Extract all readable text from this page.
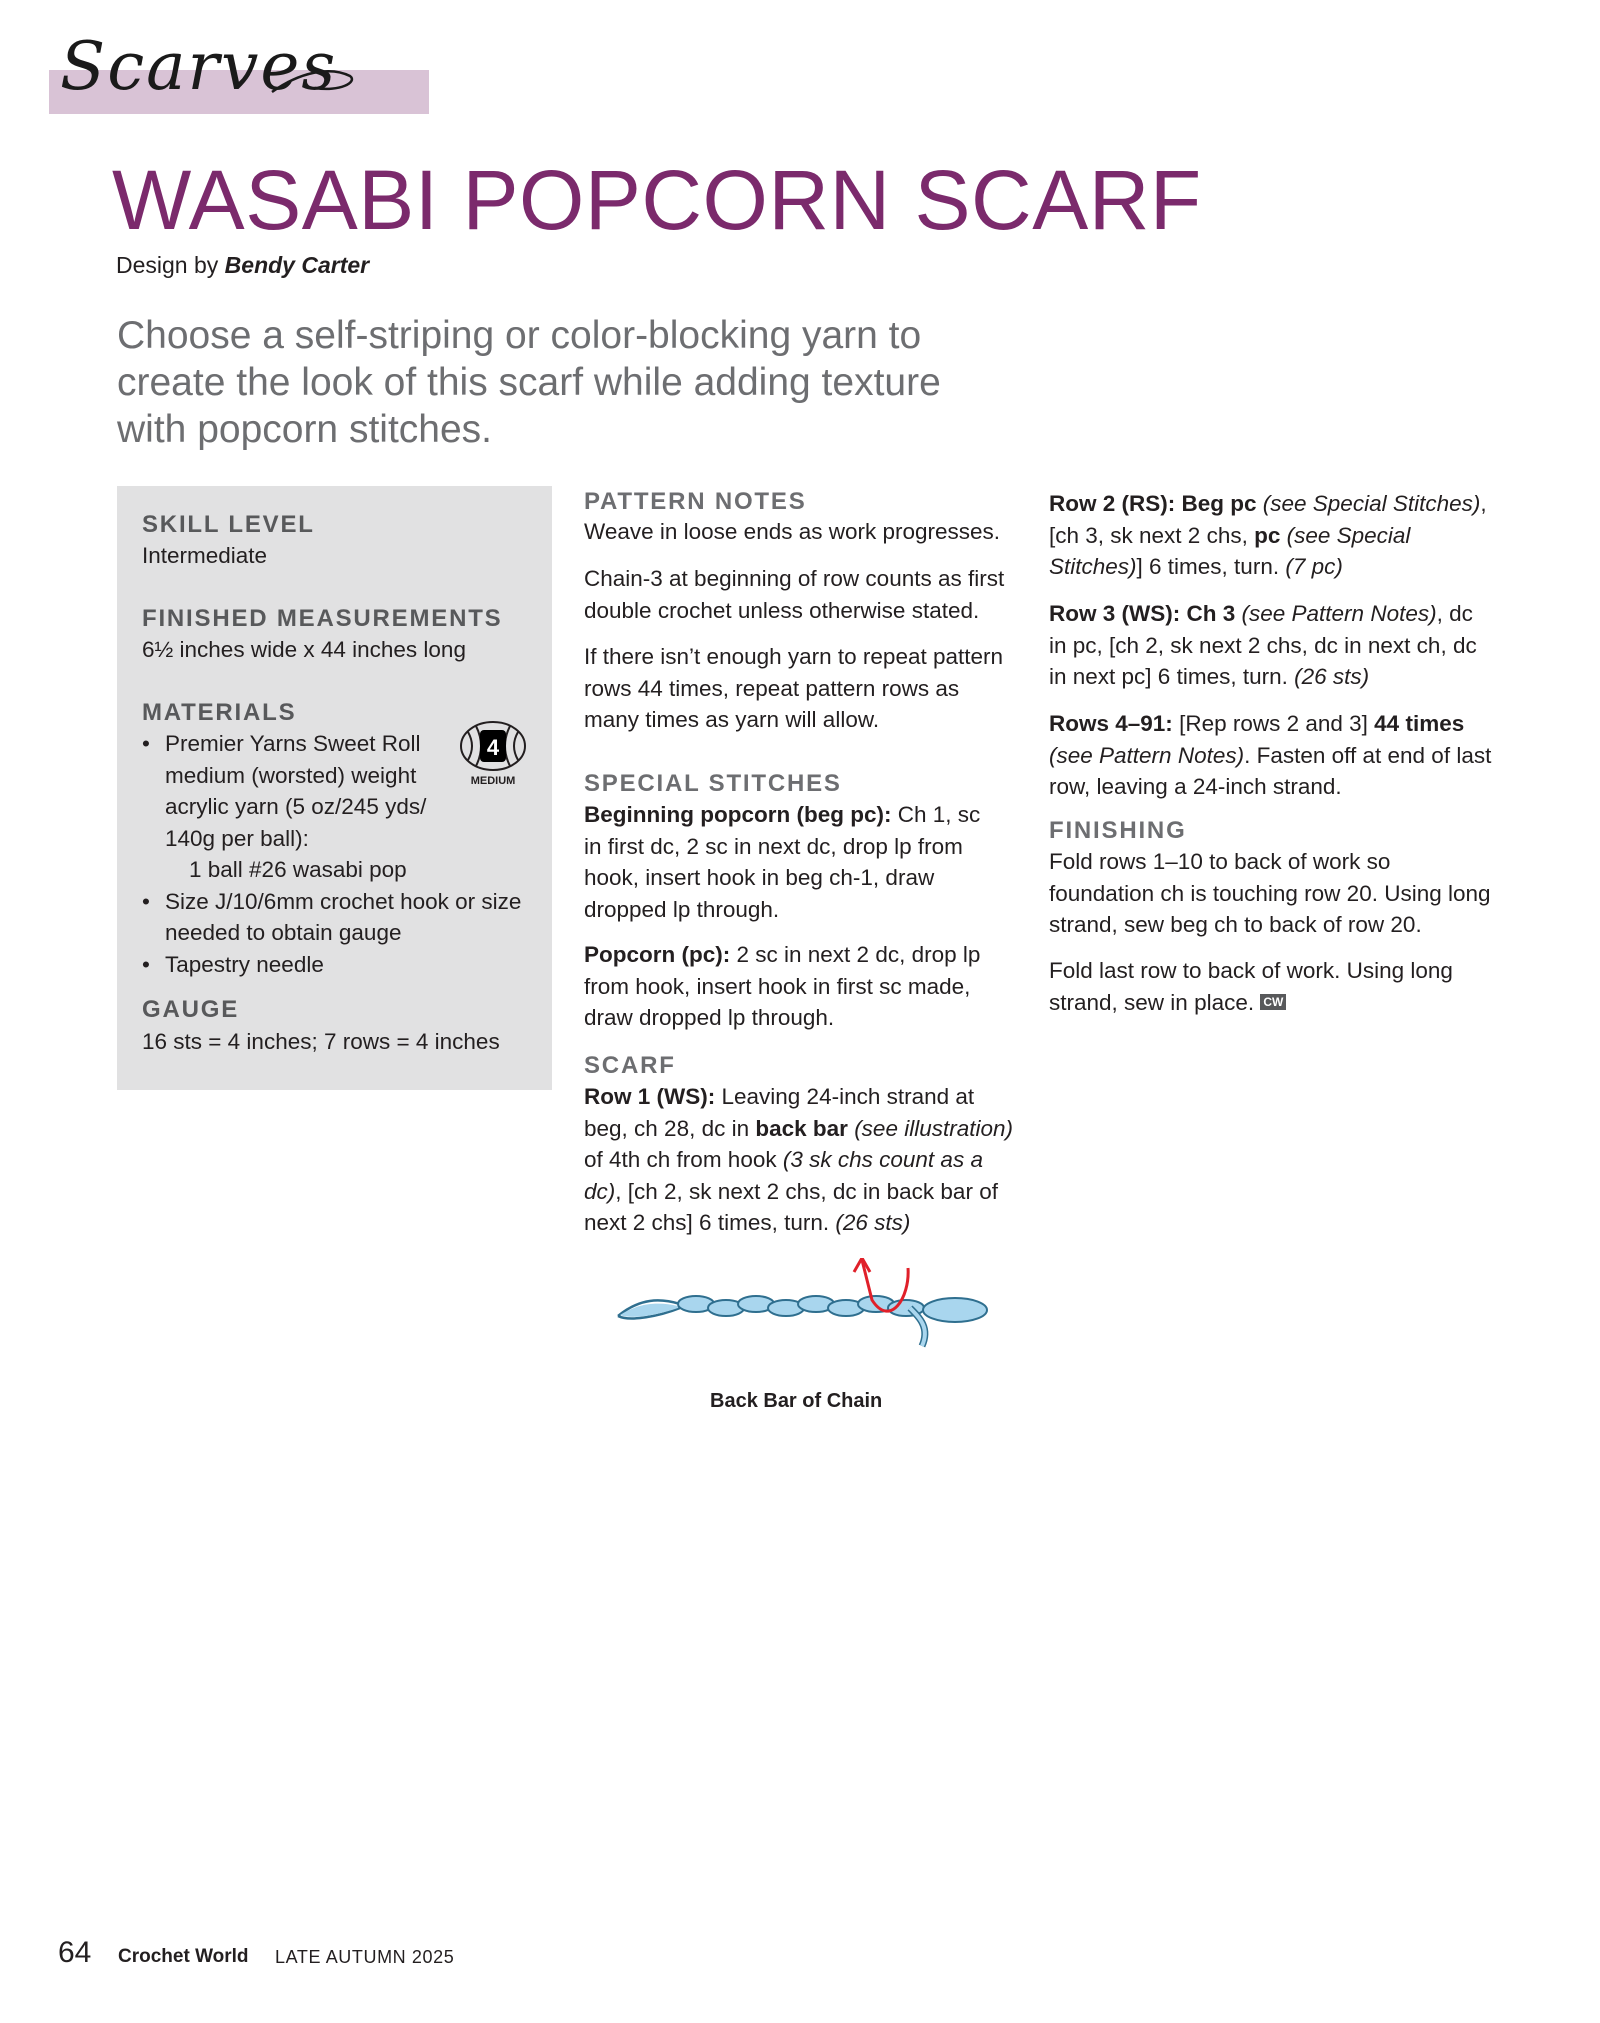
Scarves
WASABI POPCORN SCARF
Design by Bendy Carter
Choose a self-striping or color-blocking yarn to create the look of this scarf while adding texture with popcorn stitches.
SKILL LEVEL
Intermediate
FINISHED MEASUREMENTS
6½ inches wide x 44 inches long
MATERIALS
• Premier Yarns Sweet Roll medium (worsted) weight acrylic yarn (5 oz/245 yds/ 140g per ball):
1 ball #26 wasabi pop
• Size J/10/6mm crochet hook or size needed to obtain gauge
• Tapestry needle
4
MEDIUM
GAUGE
16 sts = 4 inches; 7 rows = 4 inches
PATTERN NOTES
Weave in loose ends as work progresses.
Chain-3 at beginning of row counts as first double crochet unless otherwise stated.
If there isn’t enough yarn to repeat pattern rows 44 times, repeat pattern rows as many times as yarn will allow.
SPECIAL STITCHES
Beginning popcorn (beg pc): Ch 1, sc in first dc, 2 sc in next dc, drop lp from hook, insert hook in beg ch-1, draw dropped lp through.
Popcorn (pc): 2 sc in next 2 dc, drop lp from hook, insert hook in first sc made, draw dropped lp through.
SCARF
Row 1 (WS): Leaving 24-inch strand at beg, ch 28, dc in back bar (see illustration) of 4th ch from hook (3 sk chs count as a dc), [ch 2, sk next 2 chs, dc in back bar of next 2 chs] 6 times, turn. (26 sts)
Back Bar of Chain
Row 2 (RS): Beg pc (see Special Stitches), [ch 3, sk next 2 chs, pc (see Special Stitches)] 6 times, turn. (7 pc)
Row 3 (WS): Ch 3 (see Pattern Notes), dc in pc, [ch 2, sk next 2 chs, dc in next ch, dc in next pc] 6 times, turn. (26 sts)
Rows 4–91: [Rep rows 2 and 3] 44 times (see Pattern Notes). Fasten off at end of last row, leaving a 24-inch strand.
FINISHING
Fold rows 1–10 to back of work so foundation ch is touching row 20. Using long strand, sew beg ch to back of row 20.
Fold last row to back of work. Using long strand, sew in place. CW
64 Crochet World LATE AUTUMN 2025
